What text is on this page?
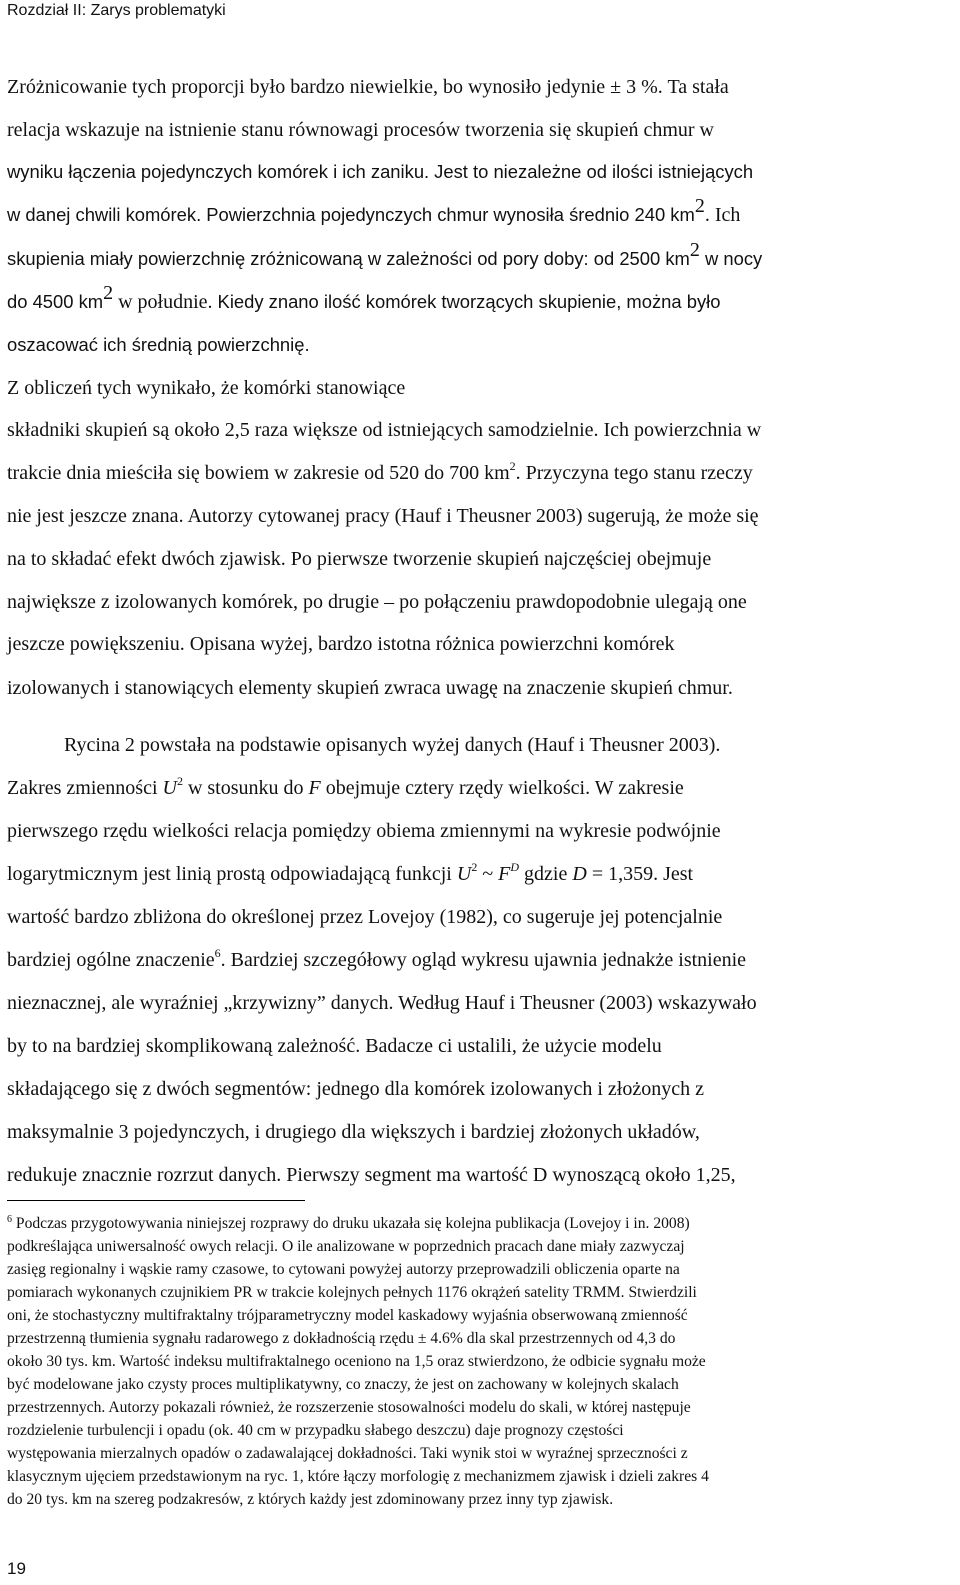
Rozdział II: Zarys problematyki
Zróżnicowanie tych proporcji było bardzo niewielkie, bo wynosiło jedynie ± 3 %. Ta stała
relacja wskazuje na istnienie stanu równowagi procesów tworzenia się skupień chmur w
wyniku łączenia pojedynczych komórek i ich zaniku. Jest to niezależne od ilości istniejących
w danej chwili komórek. Powierzchnia pojedynczych chmur wynosiła średnio 240 $km^2$. Ich
skupienia miały powierzchnię zróżnicowaną w zależności od pory doby: od 2500 $km^2$ w nocy
do 4500 $km^2$ w południe. Kiedy znano ilość komórek tworzących skupienie, można było
oszacować ich średnią powierzchnię.
Z obliczeń tych wynikało, że komórki stanowiące
składniki skupień są około 2,5 raza większe od istniejących samodzielnie. Ich powierzchnia w
trakcie dnia mieściła się bowiem w zakresie od 520 do 700 $km^2$. Przyczyna tego stanu rzeczy
nie jest jeszcze znana. Autorzy cytowanej pracy (Hauf i Theusner 2003) sugerują, że może się
na to składać efekt dwóch zjawisk. Po pierwsze tworzenie skupień najczęściej obejmuje
największe z izolowanych komórek, po drugie – po połączeniu prawdopodobnie ulegają one
jeszcze powiększeniu. Opisana wyżej, bardzo istotna różnica powierzchni komórek
izolowanych i stanowiących elementy skupień zwraca uwagę na znaczenie skupień chmur.
Rycina 2 powstała na podstawie opisanych wyżej danych (Hauf i Theusner 2003).
Zakres zmienności $U^2$ w stosunku do F obejmuje cztery rzędy wielkości. W zakresie
pierwszego rzędu wielkości relacja pomiędzy obiema zmiennymi na wykresie podwójnie
logarytmicznym jest linią prostą odpowiadającą funkcji $U^2$ ~ $F^D$ gdzie D = 1,359. Jest
wartość bardzo zbliżona do określonej przez Lovejoy (1982), co sugeruje jej potencjalnie
bardziej ogólne znaczenie$^6$. Bardziej szczegółowy ogląd wykresu ujawnia jednakże istnienie
nieznacznej, ale wyraźniej „krzywizny” danych. Według Hauf i Theusner (2003) wskazywało
by to na bardziej skomplikowaną zależność. Badacze ci ustalili, że użycie modelu
składającego się z dwóch segmentów: jednego dla komórek izolowanych i złożonych z
maksymalnie 3 pojedynczych, i drugiego dla większych i bardziej złożonych układów,
redukuje znacznie rozrzut danych. Pierwszy segment ma wartość D wynoszącą około 1,25,
$^6$ Podczas przygotowywania niniejszej rozprawy do druku ukazała się kolejna publikacja (Lovejoy i in. 2008)
podkreślająca uniwersalność owych relacji. O ile analizowane w poprzednich pracach dane miały zazwyczaj
zasięg regionalny i wąskie ramy czasowe, to cytowani powyżej autorzy przeprowadzili obliczenia oparte na
pomiarach wykonanych czujnikiem PR w trakcie kolejnych pełnych 1176 okrążeń satelity TRMM. Stwierdzili
oni, że stochastyczny multifraktalny trójparametryczny model kaskadowy wyjaśnia obserwowaną zmienność
przestrzenną tłumienia sygnału radarowego z dokładnością rzędu ± 4.6% dla skal przestrzennych od 4,3 do
około 30 tys. km. Wartość indeksu multifraktalnego oceniono na 1,5 oraz stwierdzono, że odbicie sygnału może
być modelowane jako czysty proces multiplikatywny, co znaczy, że jest on zachowany w kolejnych skalach
przestrzennych. Autorzy pokazali również, że rozszerzenie stosowalności modelu do skali, w której następuje
rozdzielenie turbulencji i opadu (ok. 40 cm w przypadku słabego deszczu) daje prognozy częstości
występowania mierzalnych opadów o zadawalającej dokładności. Taki wynik stoi w wyraźnej sprzeczności z
klasycznym ujęciem przedstawionym na ryc. 1, które łączy morfologię z mechanizmem zjawisk i dzieli zakres 4
do 20 tys. km na szereg podzakresów, z których każdy jest zdominowany przez inny typ zjawisk.
19
